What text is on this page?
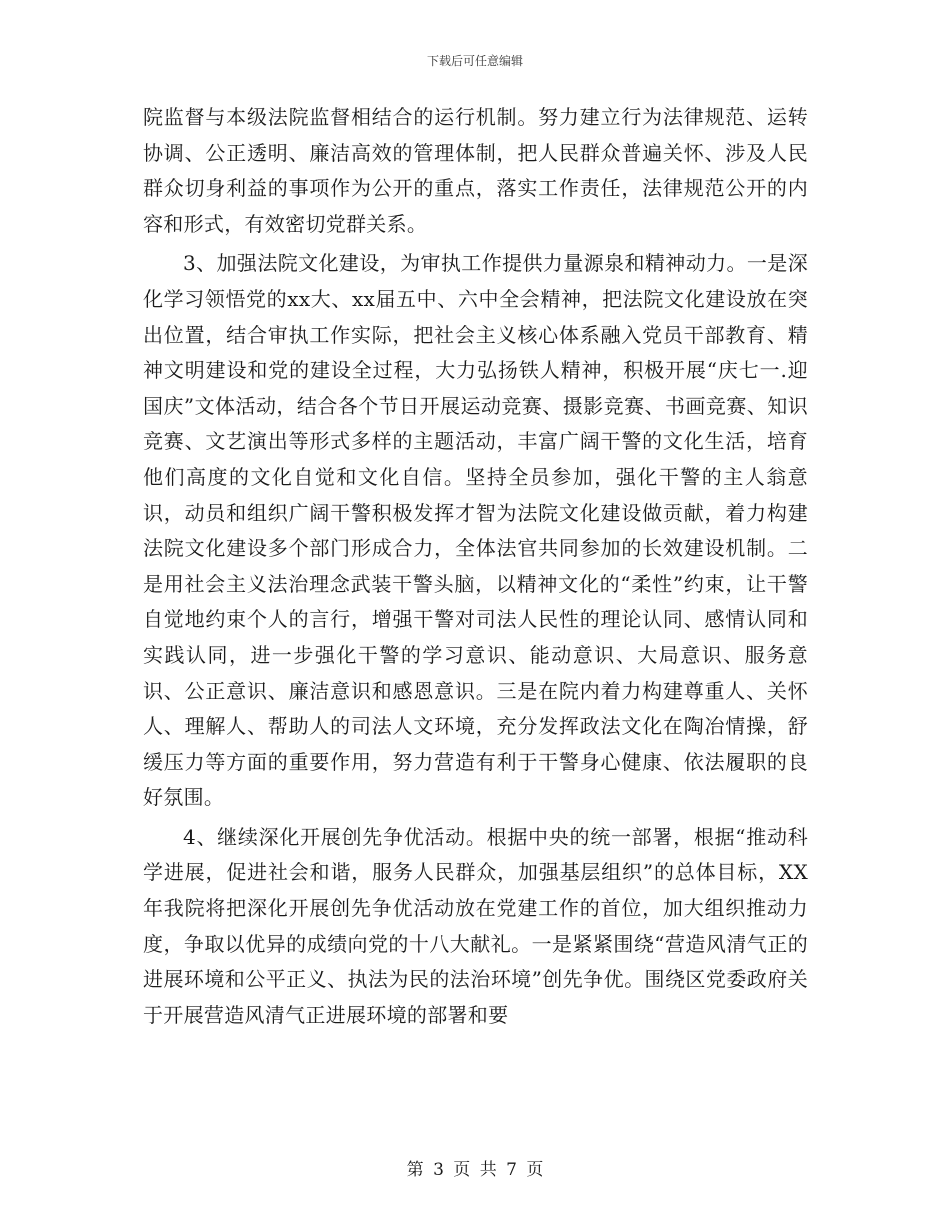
下载后可任意编辑

院监督与本级法院监督相结合的运行机制。努力建立行为法律规范、运转协调、公正透明、廉洁高效的管理体制，把人民群众普遍关怀、涉及人民群众切身利益的事项作为公开的重点，落实工作责任，法律规范公开的内容和形式，有效密切党群关系。

3、加强法院文化建设，为审执工作提供力量源泉和精神动力。一是深化学习领悟党的xx大、xx届五中、六中全会精神，把法院文化建设放在突出位置，结合审执工作实际，把社会主义核心体系融入党员干部教育、精神文明建设和党的建设全过程，大力弘扬铁人精神，积极开展“庆七一.迎国庆”文体活动，结合各个节日开展运动竞赛、摄影竞赛、书画竞赛、知识竞赛、文艺演出等形式多样的主题活动，丰富广阔干警的文化生活，培育他们高度的文化自觉和文化自信。坚持全员参加，强化干警的主人翁意识，动员和组织广阔干警积极发挥才智为法院文化建设做贡献，着力构建法院文化建设多个部门形成合力，全体法官共同参加的长效建设机制。二是用社会主义法治理念武装干警头脑，以精神文化的“柔性”约束，让干警自觉地约束个人的言行，增强干警对司法人民性的理论认同、感情认同和实践认同，进一步强化干警的学习意识、能动意识、大局意识、服务意识、公正意识、廉洁意识和感恩意识。三是在院内着力构建尊重人、关怀人、理解人、帮助人的司法人文环境，充分发挥政法文化在陶冶情操，舒缓压力等方面的重要作用，努力营造有利于干警身心健康、依法履职的良好氛围。

4、继续深化开展创先争优活动。根据中央的统一部署，根据“推动科学进展，促进社会和谐，服务人民群众，加强基层组织”的总体目标，XX年我院将把深化开展创先争优活动放在党建工作的首位，加大组织推动力度，争取以优异的成绩向党的十八大献礼。一是紧紧围绕“营造风清气正的进展环境和公平正义、执法为民的法治环境”创先争优。围绕区党委政府关于开展营造风清气正进展环境的部署和要

第 3 页 共 7 页
